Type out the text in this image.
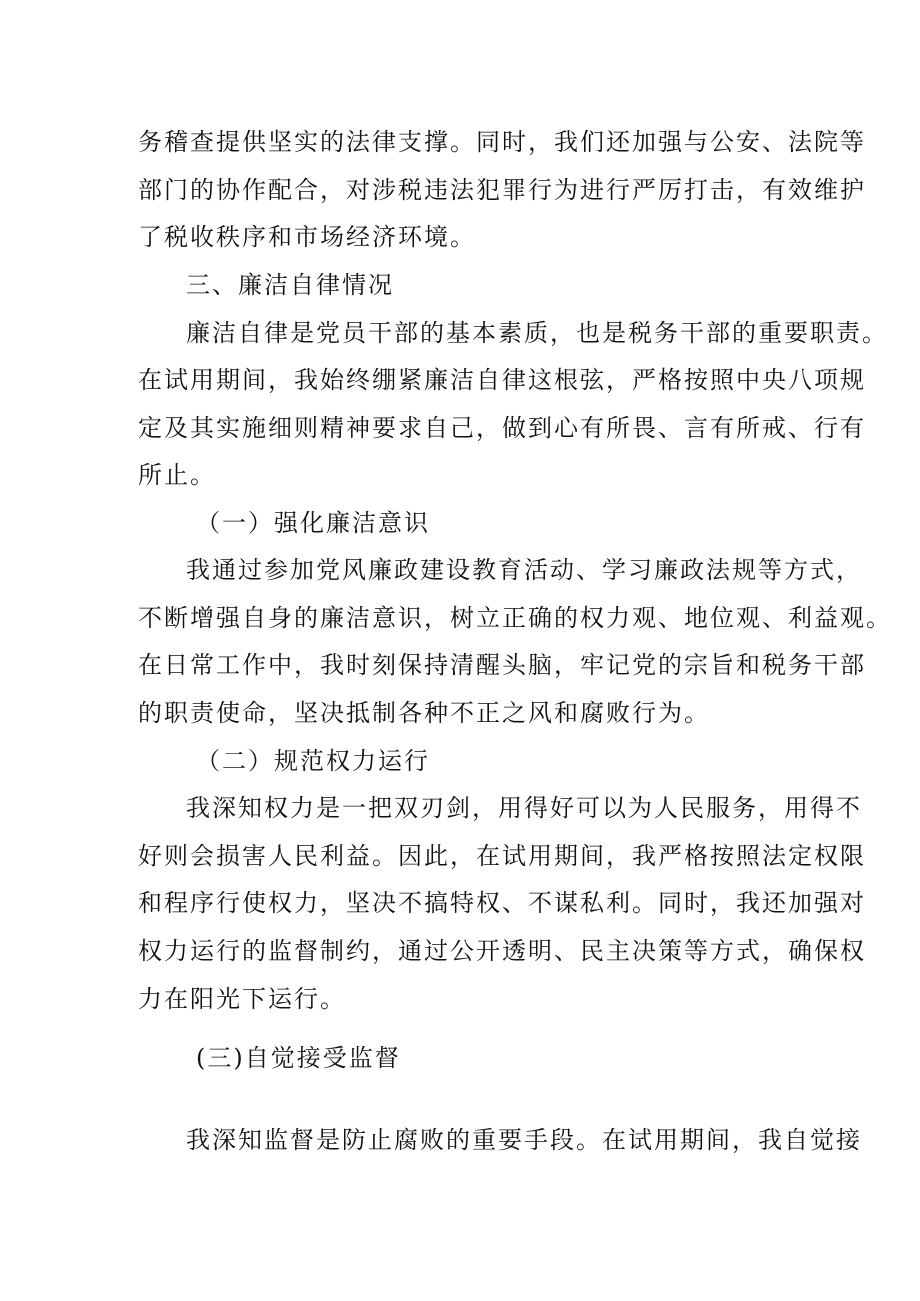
务稽查提供坚实的法律支撑。同时，我们还加强与公安、法院等
部门的协作配合，对涉税违法犯罪行为进行严厉打击，有效维护
了税收秩序和市场经济环境。
三、廉洁自律情况
廉洁自律是党员干部的基本素质，也是税务干部的重要职责。
在试用期间，我始终绷紧廉洁自律这根弦，严格按照中央八项规
定及其实施细则精神要求自己，做到心有所畏、言有所戒、行有
所止。
（一）强化廉洁意识
我通过参加党风廉政建设教育活动、学习廉政法规等方式，
不断增强自身的廉洁意识，树立正确的权力观、地位观、利益观。
在日常工作中，我时刻保持清醒头脑，牢记党的宗旨和税务干部
的职责使命，坚决抵制各种不正之风和腐败行为。
（二）规范权力运行
我深知权力是一把双刃剑，用得好可以为人民服务，用得不
好则会损害人民利益。因此，在试用期间，我严格按照法定权限
和程序行使权力，坚决不搞特权、不谋私利。同时，我还加强对
权力运行的监督制约，通过公开透明、民主决策等方式，确保权
力在阳光下运行。
(三)自觉接受监督
我深知监督是防止腐败的重要手段。在试用期间，我自觉接
